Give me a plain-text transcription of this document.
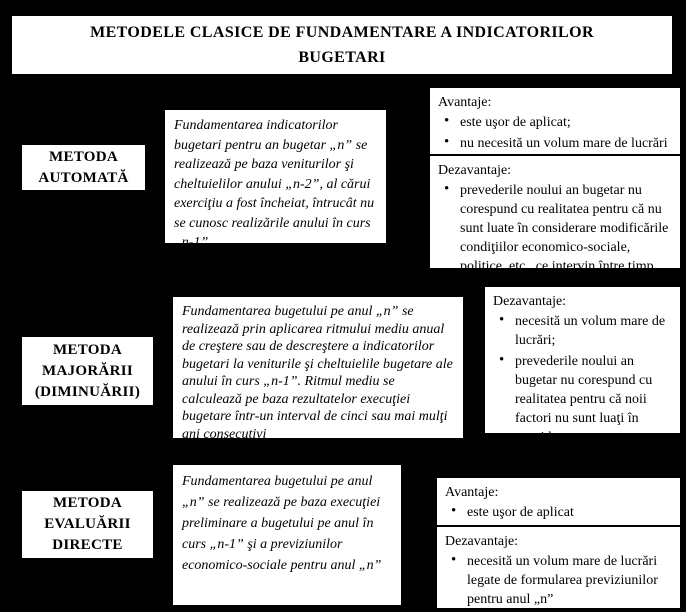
METODELE CLASICE DE FUNDAMENTARE A INDICATORILOR BUGETARI
METODA AUTOMATĂ
Fundamentarea indicatorilor bugetari pentru an bugetar „n” se realizează pe baza veniturilor şi cheltuielilor anului „n-2”, al cărui exerciţiu a fost încheiat, întrucât nu se cunosc realizările anului în curs „n-1”
Avantaje:
• este uşor de aplicat;
• nu necesită un volum mare de lucrări
Dezavantaje:
• prevederile noului an bugetar nu corespund cu realitatea pentru că nu sunt luate în considerare modificările condiţiilor economico-sociale, politice, etc., ce intervin între timp
METODA MAJORĂRII (DIMINUĂRII)
Fundamentarea bugetului pe anul „n” se realizează prin aplicarea ritmului mediu anual de creştere sau de descreştere a indicatorilor bugetari la veniturile şi cheltuielile bugetare ale anului în curs „n-1”. Ritmul mediu se calculează pe baza rezultatelor execuţiei bugetare într-un interval de cinci sau mai mulţi ani consecutivi
Dezavantaje:
• necesită un volum mare de lucrări;
• prevederile noului an bugetar nu corespund cu realitatea pentru că noii factori nu sunt luaţi în considerare
METODA EVALUĂRII DIRECTE
Fundamentarea bugetului pe anul „n” se realizează pe baza execuţiei preliminare a bugetului pe anul în curs „n-1” şi a previziunilor economico-sociale pentru anul „n”
Avantaje:
• este uşor de aplicat
Dezavantaje:
• necesită un volum mare de lucrări legate de formularea previziunilor pentru anul „n”
